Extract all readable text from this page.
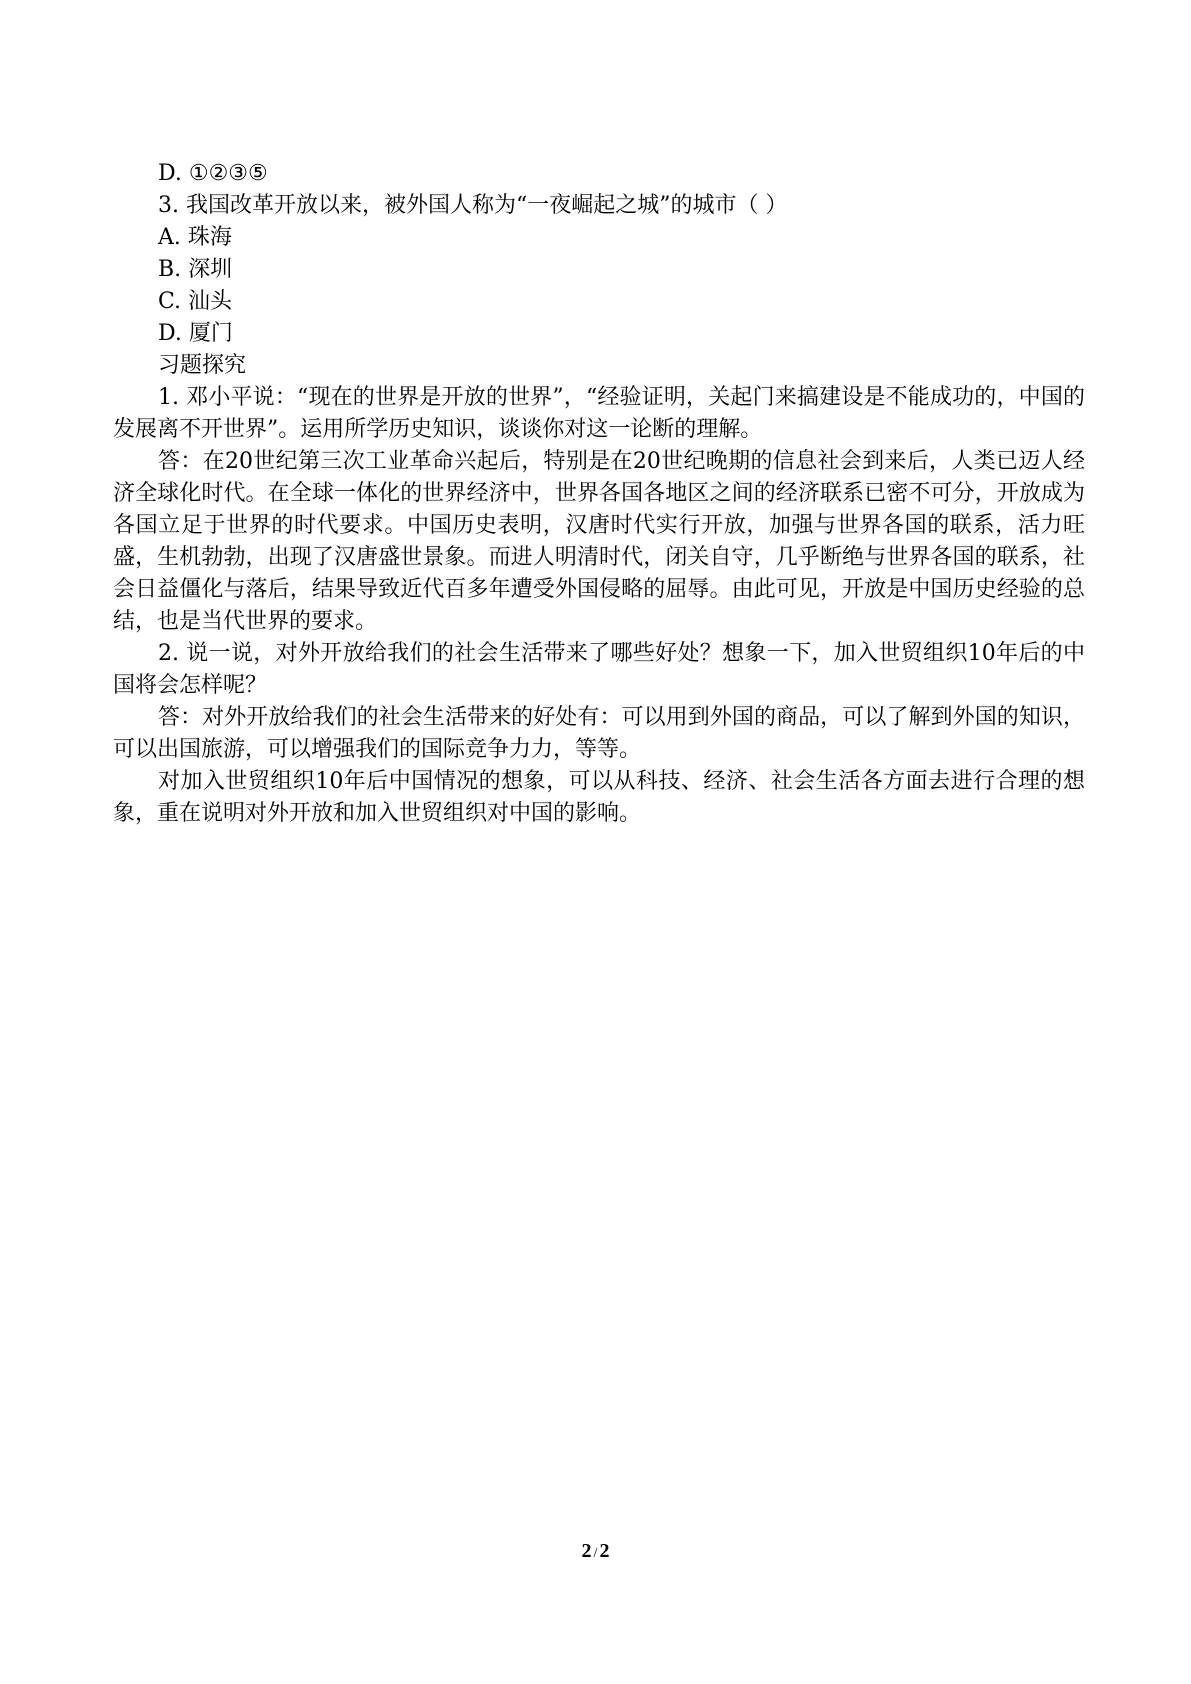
D. ①②③⑤

3. 我国改革开放以来，被外国人称为“一夜崛起之城”的城市（ ）

A. 珠海

B. 深圳

C. 汕头

D. 厦门

习题探究

1. 邓小平说：“现在的世界是开放的世界”，“经验证明，关起门来搞建设是不能成功的，中国的发展离不开世界”。运用所学历史知识，谈谈你对这一论断的理解。

答：在20世纪第三次工业革命兴起后，特别是在20世纪晚期的信息社会到来后，人类已迈人经济全球化时代。在全球一体化的世界经济中，世界各国各地区之间的经济联系已密不可分，开放成为各国立足于世界的时代要求。中国历史表明，汉唐时代实行开放，加强与世界各国的联系，活力旺盛，生机勃勃，出现了汉唐盛世景象。而进人明清时代，闭关自守，几乎断绝与世界各国的联系，社会日益僵化与落后，结果导致近代百多年遭受外国侵略的屈辱。由此可见，开放是中国历史经验的总结，也是当代世界的要求。

2. 说一说，对外开放给我们的社会生活带来了哪些好处？想象一下，加入世贸组织10年后的中国将会怎样呢？

答：对外开放给我们的社会生活带来的好处有：可以用到外国的商品，可以了解到外国的知识，可以出国旅游，可以增强我们的国际竞争力力，等等。

对加入世贸组织10年后中国情况的想象，可以从科技、经济、社会生活各方面去进行合理的想象，重在说明对外开放和加入世贸组织对中国的影响。

2 / 2
